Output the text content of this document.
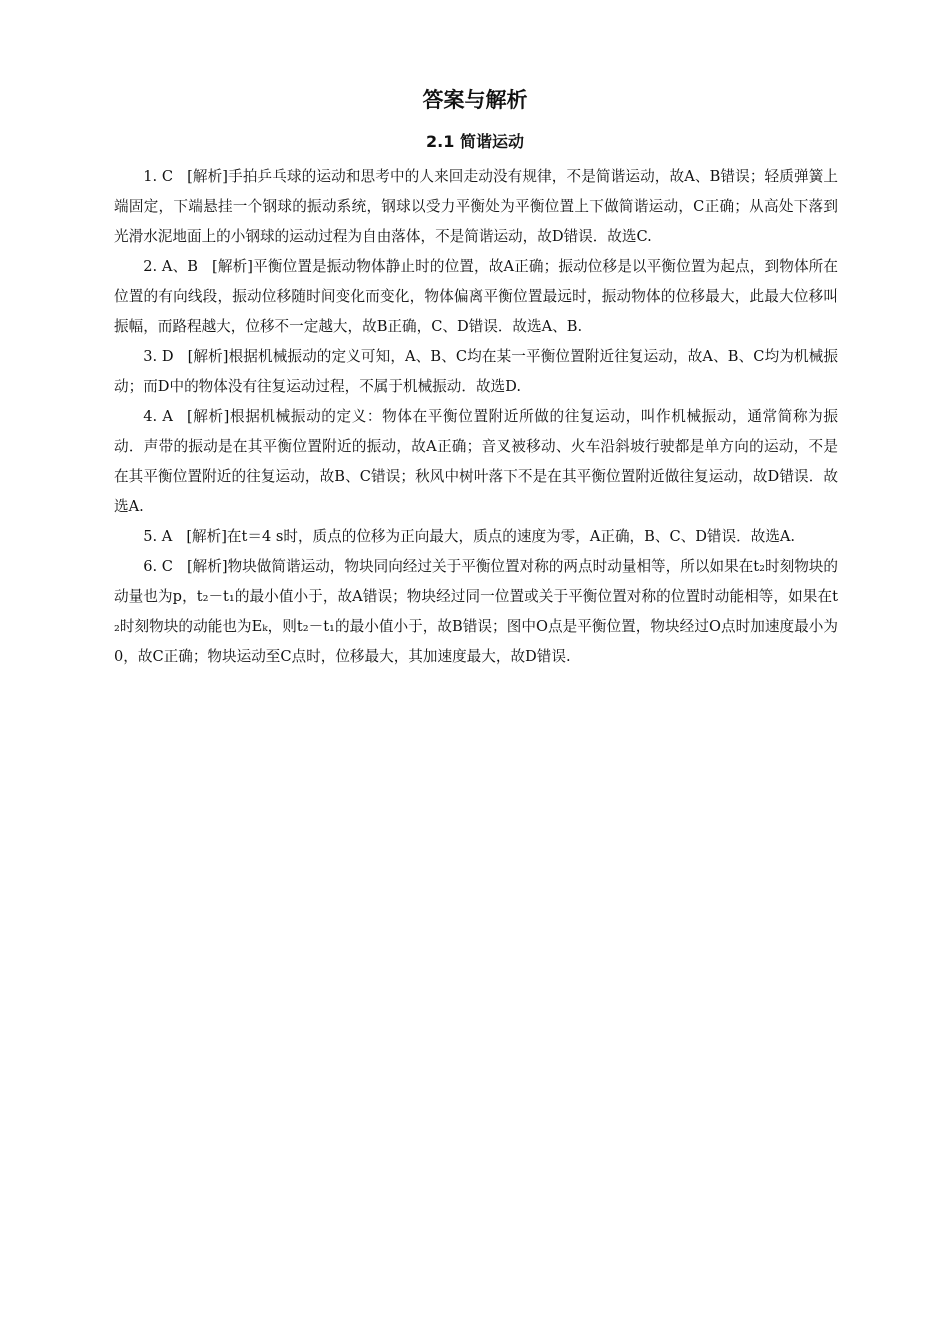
答案与解析
2.1 简谐运动

1. C [解析]手拍乒乓球的运动和思考中的人来回走动没有规律，不是简谐运动，故A、B错误；轻质弹簧上端固定，下端悬挂一个钢球的振动系统，钢球以受力平衡处为平衡位置上下做简谐运动，C正确；从高处下落到光滑水泥地面上的小钢球的运动过程为自由落体，不是简谐运动，故D错误．故选C.

2. A、B [解析]平衡位置是振动物体静止时的位置，故A正确；振动位移是以平衡位置为起点，到物体所在位置的有向线段，振动位移随时间变化而变化，物体偏离平衡位置最远时，振动物体的位移最大，此最大位移叫振幅，而路程越大，位移不一定越大，故B正确，C、D错误．故选A、B.

3. D [解析]根据机械振动的定义可知，A、B、C均在某一平衡位置附近往复运动，故A、B、C均为机械振动；而D中的物体没有往复运动过程，不属于机械振动．故选D.

4. A [解析]根据机械振动的定义：物体在平衡位置附近所做的往复运动，叫作机械振动，通常简称为振动．声带的振动是在其平衡位置附近的振动，故A正确；音叉被移动、火车沿斜坡行驶都是单方向的运动，不是在其平衡位置附近的往复运动，故B、C错误；秋风中树叶落下不是在其平衡位置附近做往复运动，故D错误．故选A.

5. A [解析]在t＝4 s时，质点的位移为正向最大，质点的速度为零，A正确，B、C、D错误．故选A.

6. C [解析]物块做简谐运动，物块同向经过关于平衡位置对称的两点时动量相等，所以如果在t₂时刻物块的动量也为p，t₂－t₁的最小值小于，故A错误；物块经过同一位置或关于平衡位置对称的位置时动能相等，如果在t₂时刻物块的动能也为Eₖ，则t₂－t₁的最小值小于，故B错误；图中O点是平衡位置，物块经过O点时加速度最小为0，故C正确；物块运动至C点时，位移最大，其加速度最大，故D错误.
